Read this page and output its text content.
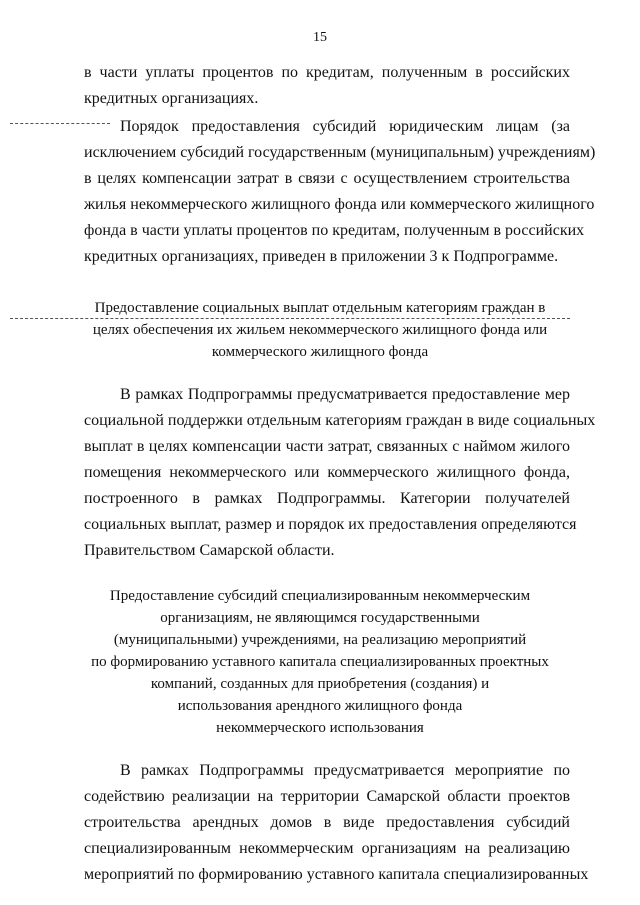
15
в части уплаты процентов по кредитам, полученным в российских
кредитных организациях.
Порядок предоставления субсидий юридическим лицам (за
исключением субсидий государственным (муниципальным) учреждениям)
в целях компенсации затрат в связи с осуществлением строительства
жилья некоммерческого жилищного фонда или коммерческого жилищного
фонда в части уплаты процентов по кредитам, полученным в российских
кредитных организациях, приведен в приложении 3 к Подпрограмме.
Предоставление социальных выплат отдельным категориям граждан в
целях обеспечения их жильем некоммерческого жилищного фонда или
коммерческого жилищного фонда
В рамках Подпрограммы предусматривается предоставление мер
социальной поддержки отдельным категориям граждан в виде социальных
выплат в целях компенсации части затрат, связанных с наймом жилого
помещения некоммерческого или коммерческого жилищного фонда,
построенного в рамках Подпрограммы. Категории получателей
социальных выплат, размер и порядок их предоставления определяются
Правительством Самарской области.
Предоставление субсидий специализированным некоммерческим
организациям, не являющимся государственными
(муниципальными) учреждениями, на реализацию мероприятий
по формированию уставного капитала специализированных проектных
компаний, созданных для приобретения (создания) и
использования арендного жилищного фонда
некоммерческого использования
В рамках Подпрограммы предусматривается мероприятие по
содействию реализации на территории Самарской области проектов
строительства арендных домов в виде предоставления субсидий
специализированным некоммерческим организациям на реализацию
мероприятий по формированию уставного капитала специализированных
